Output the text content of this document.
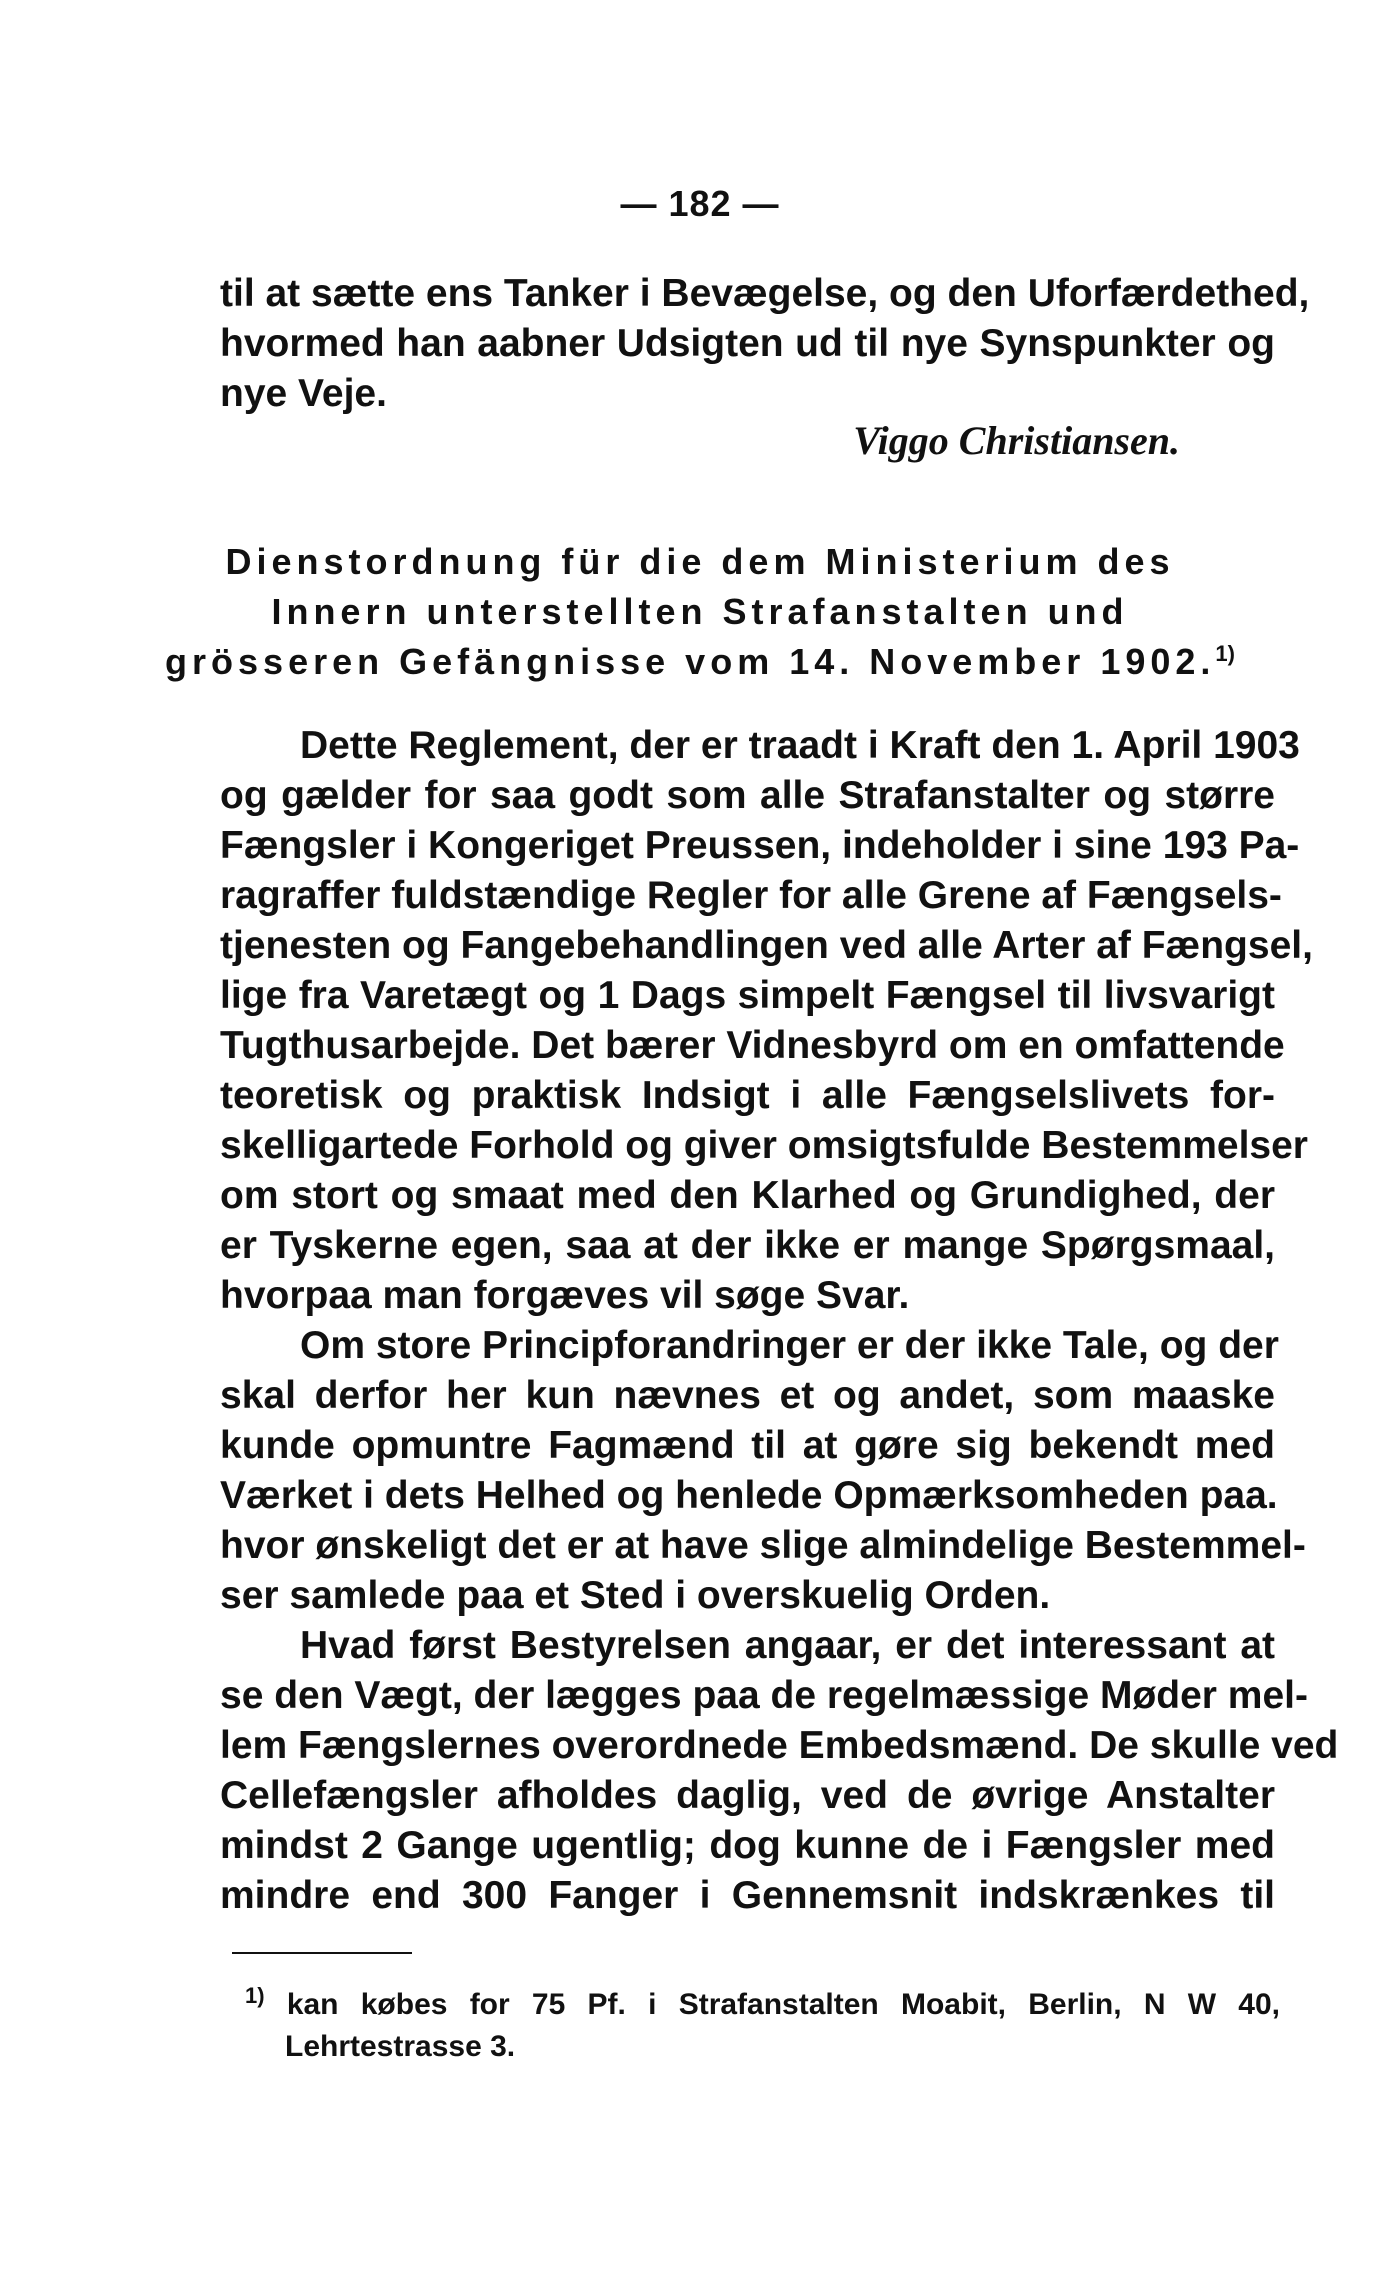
— 182 —
til at sætte ens Tanker i Bevægelse, og den Uforfærdethed,
hvormed han aabner Udsigten ud til nye Synspunkter og
nye Veje.
Viggo Christiansen.
Dienstordnung für die dem Ministerium des
Innern unterstellten Strafanstalten und
grösseren Gefängnisse vom 14. November 1902.$^{1)}$
Dette Reglement, der er traadt i Kraft den 1. April 1903
og gælder for saa godt som alle Strafanstalter og større
Fængsler i Kongeriget Preussen, indeholder i sine 193 Pa-
ragraffer fuldstændige Regler for alle Grene af Fængsels-
tjenesten og Fangebehandlingen ved alle Arter af Fængsel,
lige fra Varetægt og 1 Dags simpelt Fængsel til livsvarigt
Tugthusarbejde. Det bærer Vidnesbyrd om en omfattende
teoretisk og praktisk Indsigt i alle Fængselslivets for-
skelligartede Forhold og giver omsigtsfulde Bestemmelser
om stort og smaat med den Klarhed og Grundighed, der
er Tyskerne egen, saa at der ikke er mange Spørgsmaal,
hvorpaa man forgæves vil søge Svar.
Om store Principforandringer er der ikke Tale, og der
skal derfor her kun nævnes et og andet, som maaske
kunde opmuntre Fagmænd til at gøre sig bekendt med
Værket i dets Helhed og henlede Opmærksomheden paa.
hvor ønskeligt det er at have slige almindelige Bestemmel-
ser samlede paa et Sted i overskuelig Orden.
Hvad først Bestyrelsen angaar, er det interessant at
se den Vægt, der lægges paa de regelmæssige Møder mel-
lem Fængslernes overordnede Embedsmænd. De skulle ved
Cellefængsler afholdes daglig, ved de øvrige Anstalter
mindst 2 Gange ugentlig; dog kunne de i Fængsler med
mindre end 300 Fanger i Gennemsnit indskrænkes til
$^{1)}$ kan købes for 75 Pf. i Strafanstalten Moabit, Berlin, N W 40,
Lehrtestrasse 3.
